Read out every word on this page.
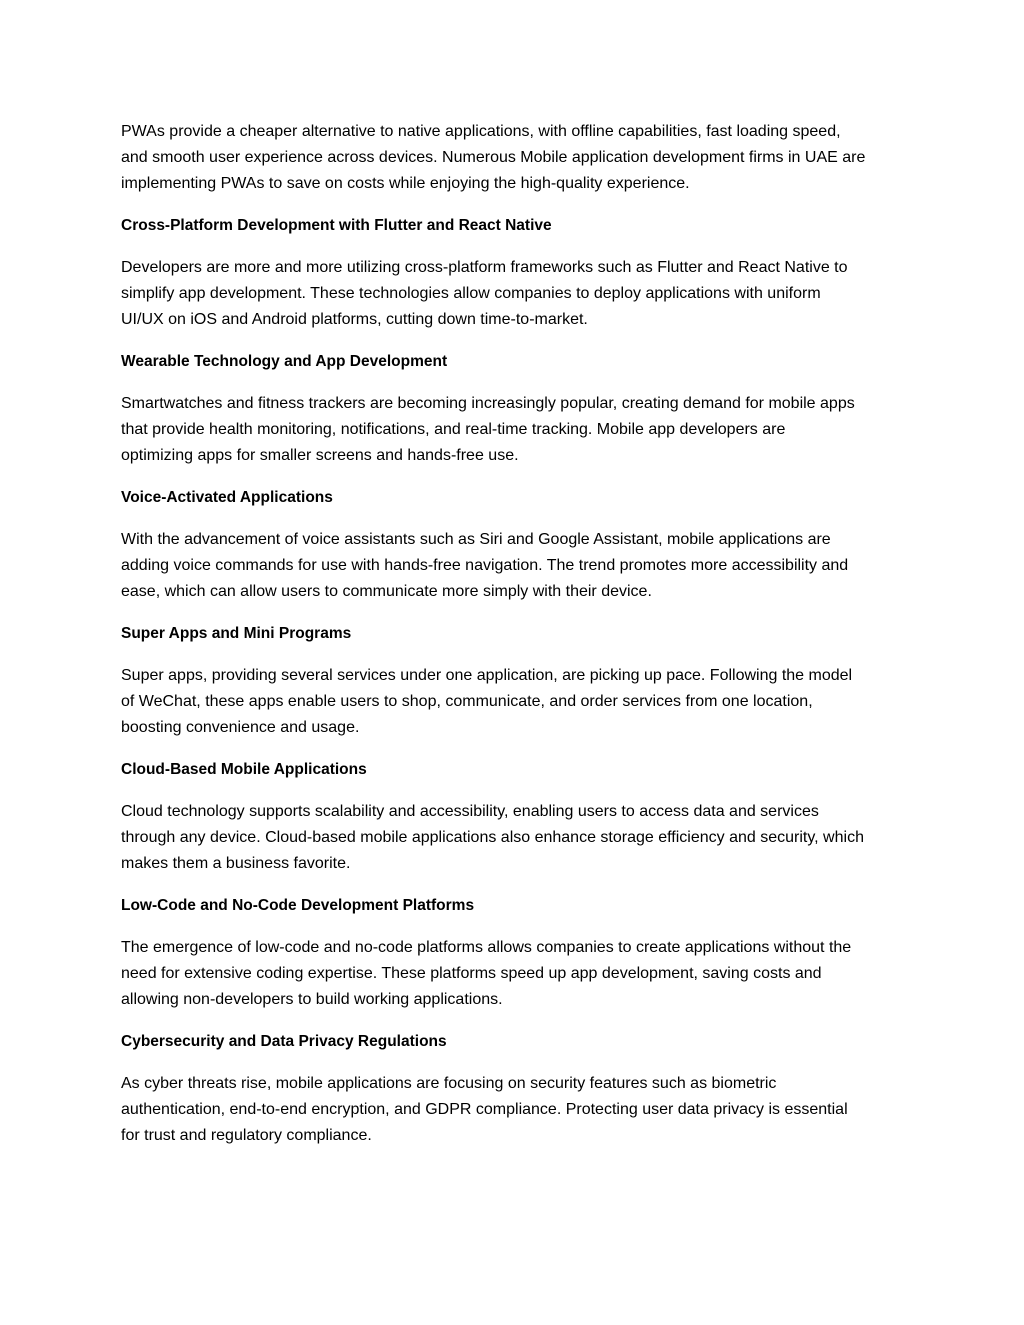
PWAs provide a cheaper alternative to native applications, with offline capabilities, fast loading speed,
and smooth user experience across devices. Numerous Mobile application development firms in UAE are
implementing PWAs to save on costs while enjoying the high-quality experience.

Cross-Platform Development with Flutter and React Native

Developers are more and more utilizing cross-platform frameworks such as Flutter and React Native to
simplify app development. These technologies allow companies to deploy applications with uniform
UI/UX on iOS and Android platforms, cutting down time-to-market.

Wearable Technology and App Development

Smartwatches and fitness trackers are becoming increasingly popular, creating demand for mobile apps
that provide health monitoring, notifications, and real-time tracking. Mobile app developers are
optimizing apps for smaller screens and hands-free use.

Voice-Activated Applications

With the advancement of voice assistants such as Siri and Google Assistant, mobile applications are
adding voice commands for use with hands-free navigation. The trend promotes more accessibility and
ease, which can allow users to communicate more simply with their device.

Super Apps and Mini Programs

Super apps, providing several services under one application, are picking up pace. Following the model
of WeChat, these apps enable users to shop, communicate, and order services from one location,
boosting convenience and usage.

Cloud-Based Mobile Applications

Cloud technology supports scalability and accessibility, enabling users to access data and services
through any device. Cloud-based mobile applications also enhance storage efficiency and security, which
makes them a business favorite.

Low-Code and No-Code Development Platforms

The emergence of low-code and no-code platforms allows companies to create applications without the
need for extensive coding expertise. These platforms speed up app development, saving costs and
allowing non-developers to build working applications.

Cybersecurity and Data Privacy Regulations

As cyber threats rise, mobile applications are focusing on security features such as biometric
authentication, end-to-end encryption, and GDPR compliance. Protecting user data privacy is essential
for trust and regulatory compliance.
